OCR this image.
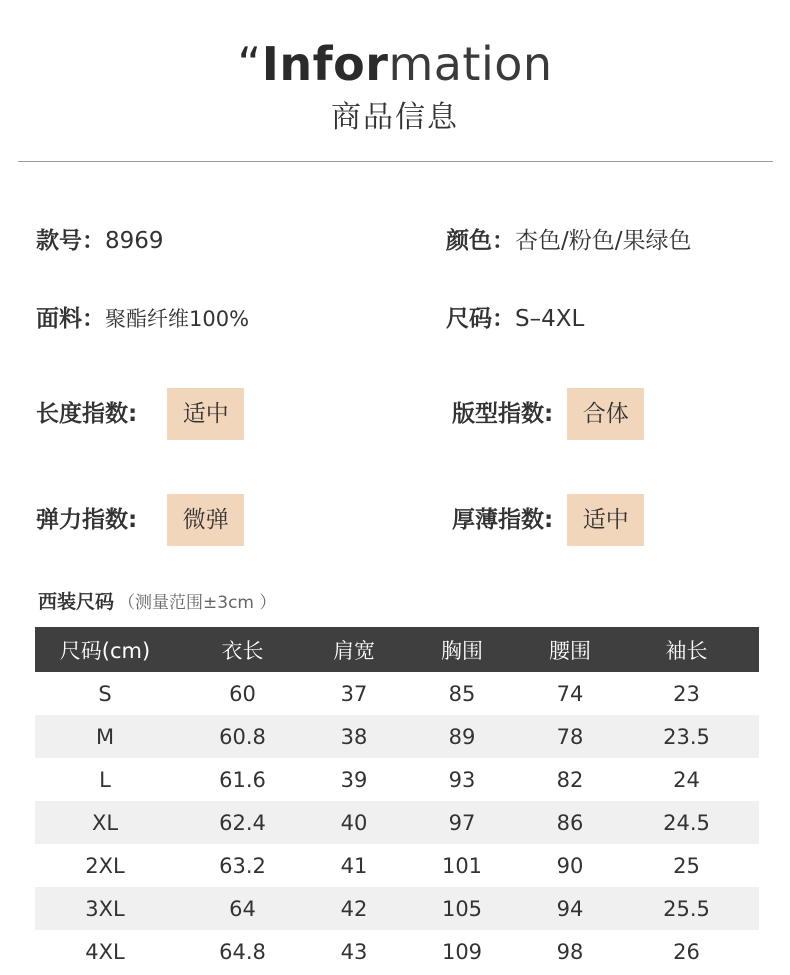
“Information
商品信息
款号：8969	颜色：杏色/粉色/果绿色
面料：聚酯纤维100%	尺码：S–4XL
长度指数:	适中	版型指数:	合体
弹力指数:	微弹	厚薄指数:	适中
西装尺码 （测量范围±3cm ）
尺码(cm)	衣长	肩宽	胸围	腰围	袖长
S	60	37	85	74	23
M	60.8	38	89	78	23.5
L	61.6	39	93	82	24
XL	62.4	40	97	86	24.5
2XL	63.2	41	101	90	25
3XL	64	42	105	94	25.5
4XL	64.8	43	109	98	26
